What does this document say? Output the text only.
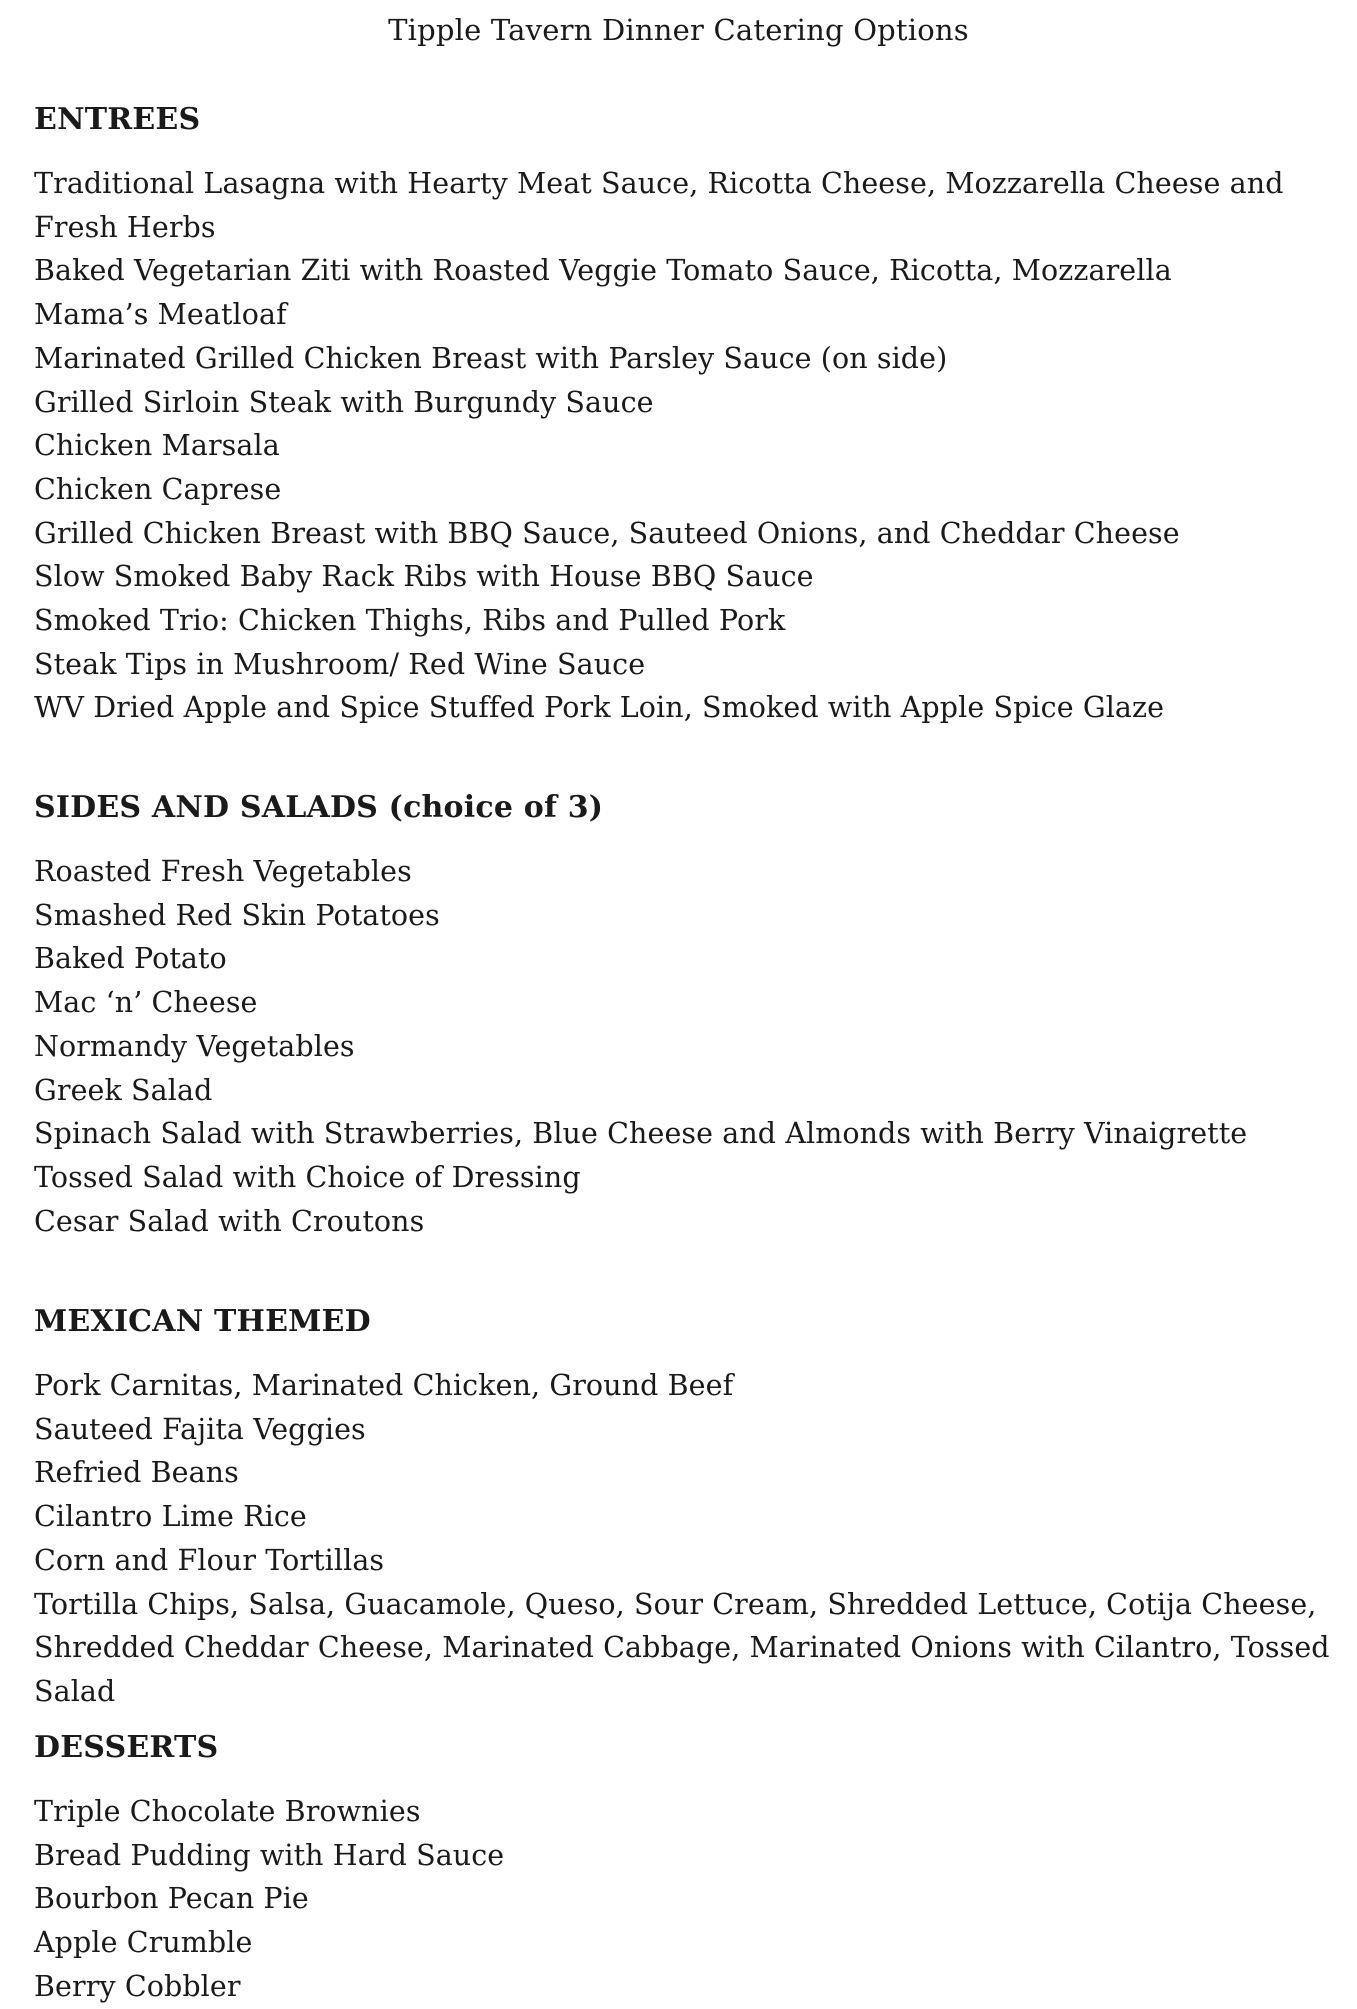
Tipple Tavern Dinner Catering Options
ENTREES
Traditional Lasagna with Hearty Meat Sauce, Ricotta Cheese, Mozzarella Cheese and Fresh Herbs
Baked Vegetarian Ziti with Roasted Veggie Tomato Sauce, Ricotta, Mozzarella
Mama’s Meatloaf
Marinated Grilled Chicken Breast with Parsley Sauce (on side)
Grilled Sirloin Steak with Burgundy Sauce
Chicken Marsala
Chicken Caprese
Grilled Chicken Breast with BBQ Sauce, Sauteed Onions, and Cheddar Cheese
Slow Smoked Baby Rack Ribs with House BBQ Sauce
Smoked Trio: Chicken Thighs, Ribs and Pulled Pork
Steak Tips in Mushroom/ Red Wine Sauce
WV Dried Apple and Spice Stuffed Pork Loin, Smoked with Apple Spice Glaze
SIDES AND SALADS (choice of 3)
Roasted Fresh Vegetables
Smashed Red Skin Potatoes
Baked Potato
Mac ‘n’ Cheese
Normandy Vegetables
Greek Salad
Spinach Salad with Strawberries, Blue Cheese and Almonds with Berry Vinaigrette
Tossed Salad with Choice of Dressing
Cesar Salad with Croutons
MEXICAN THEMED
Pork Carnitas, Marinated Chicken, Ground Beef
Sauteed Fajita Veggies
Refried Beans
Cilantro Lime Rice
Corn and Flour Tortillas
Tortilla Chips, Salsa, Guacamole, Queso, Sour Cream, Shredded Lettuce, Cotija Cheese, Shredded Cheddar Cheese, Marinated Cabbage, Marinated Onions with Cilantro, Tossed Salad
DESSERTS
Triple Chocolate Brownies
Bread Pudding with Hard Sauce
Bourbon Pecan Pie
Apple Crumble
Berry Cobbler
